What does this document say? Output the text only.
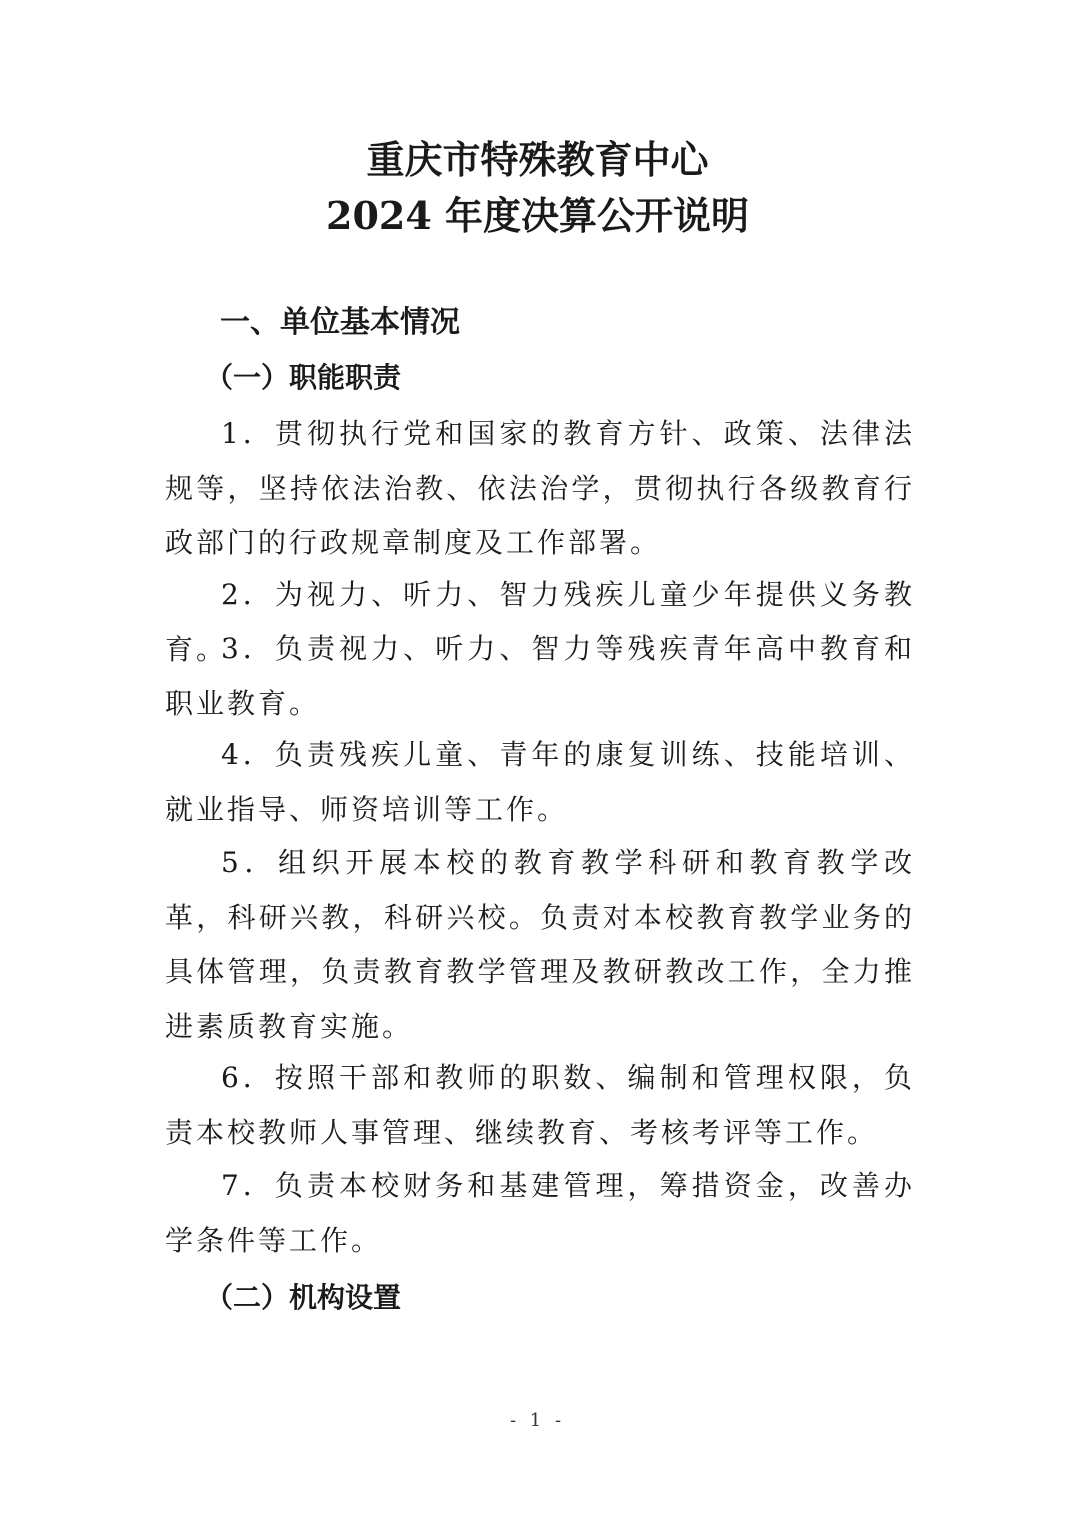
重庆市特殊教育中心
2024 年度决算公开说明
一、单位基本情况
（一）职能职责

1．贯彻执行党和国家的教育方针、政策、法律法规等，坚持依法治教、依法治学，贯彻执行各级教育行政部门的行政规章制度及工作部署。

2．为视力、听力、智力残疾儿童少年提供义务教育。

3．负责视力、听力、智力等残疾青年高中教育和职业教育。

4．负责残疾儿童、青年的康复训练、技能培训、就业指导、师资培训等工作。

5．组织开展本校的教育教学科研和教育教学改革，科研兴教，科研兴校。负责对本校教育教学业务的具体管理，负责教育教学管理及教研教改工作，全力推进素质教育实施。

6．按照干部和教师的职数、编制和管理权限，负责本校教师人事管理、继续教育、考核考评等工作。

7．负责本校财务和基建管理，筹措资金，改善办学条件等工作。

（二）机构设置
- 1 -
